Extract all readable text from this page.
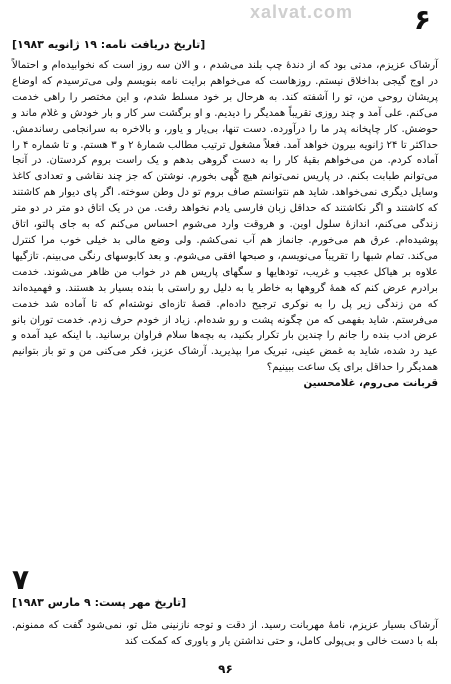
xalvat.com	۶
[تاریخ دریافت نامه: ۱۹ ژانویه ۱۹۸۳]
آرشاک عزیزم، مدتی بود که از دندهٔ چپ بلند می‌شدم ، و الان سه روز است که نخوابیده‌ام و احتمالاً در اوج گیجی بداخلاق نیستم. روزهاست که می‌خواهم برایت نامه بنویسم ولی می‌ترسیدم که اوضاع پریشان روحی من، تو را آشفته کند. به هرحال بر خود مسلط شدم، و این مختصر را راهی خدمت می‌کنم. علی آمد و چند روزی تقریباً همدیگر را دیدیم. و او برگشت سر کار و بار خودش و غلام ماند و حوضش. کار چاپخانه پدر ما را درآورده. دست تنها، بی‌یار و یاور، و بالاخره به سرانجامی رساندمش. حداکثر تا ۲۴ ژانویه بیرون خواهد آمد. فعلاً مشغول ترتیب مطالب شمارهٔ ۲ و ۳ هستم. و تا شماره ۴ را آماده کردم. من می‌خواهم بقیهٔ کار را به دست گروهی بدهم و یک راست بروم کردستان. در آنجا می‌توانم طبابت بکنم. در پاریس نمی‌توانم هیچ گُهی بخورم. نوشتن که جز چند نقاشی و تعدادی کاغذ وسایل دیگری نمی‌خواهد. شاید هم نتوانستم صاف بروم تو دل وطن سوخته. اگر پای دیوار هم کاشتند که کاشتند و اگر نکاشتند که حداقل زبان فارسی یادم نخواهد رفت. من در یک اتاق دو متر در دو متر زندگی می‌کنم، اندازهٔ سلول اوین. و هروقت وارد می‌شوم احساس می‌کنم که به جای پالتو، اتاق پوشیده‌ام. عرق هم می‌خورم. جانماز هم آب نمی‌کشم. ولی وضع مالی بد خیلی خوب مرا کنترل می‌کند. تمام شبها را تقریباً می‌نویسم، و صبحها افقی می‌شوم. و بعد کابوسهای رنگی می‌بینم. تازگیها علاوه بر هیاکل عجیب و غریب، تودهایها و سگهای پاریس هم در خواب من ظاهر می‌شوند. خدمت برادرم عرض کنم که همهٔ گروهها به خاطر یا به دلیل رو راستی با بنده بسیار بد هستند. و فهمیده‌اند که من زندگی زیر پل را به نوکری ترجیح داده‌ام. قصهٔ تازه‌ای نوشته‌ام که تا آماده شد خدمت می‌فرستم. شاید بفهمی که من چگونه پشت و رو شده‌ام. زیاد از خودم حرف زدم. خدمت توران بانو عرض ادب بنده را جانم را چندین بار تکرار بکنید، به بچه‌ها سلام فراوان برسانید. با اینکه عید آمده و عید رد شده، شاید به غمض عینی، تبریک مرا بپذیرید. آرشاک عزیز، فکر می‌کنی من و تو باز بتوانیم همدیگر را حداقل برای یک ساعت ببینیم؟
قربانت می‌روم، غلامحسین
۷
[تاریخ مهر پست: ۹ مارس ۱۹۸۳]
آرشاک بسیار عزیزم، نامهٔ مهربانت رسید. از دقت و توجه نازنینی مثل تو، نمی‌شود گفت که ممنونم. بله با دست خالی و بی‌پولی کامل، و حتی نداشتن یار و یاوری که کمکت کند
۹۶
